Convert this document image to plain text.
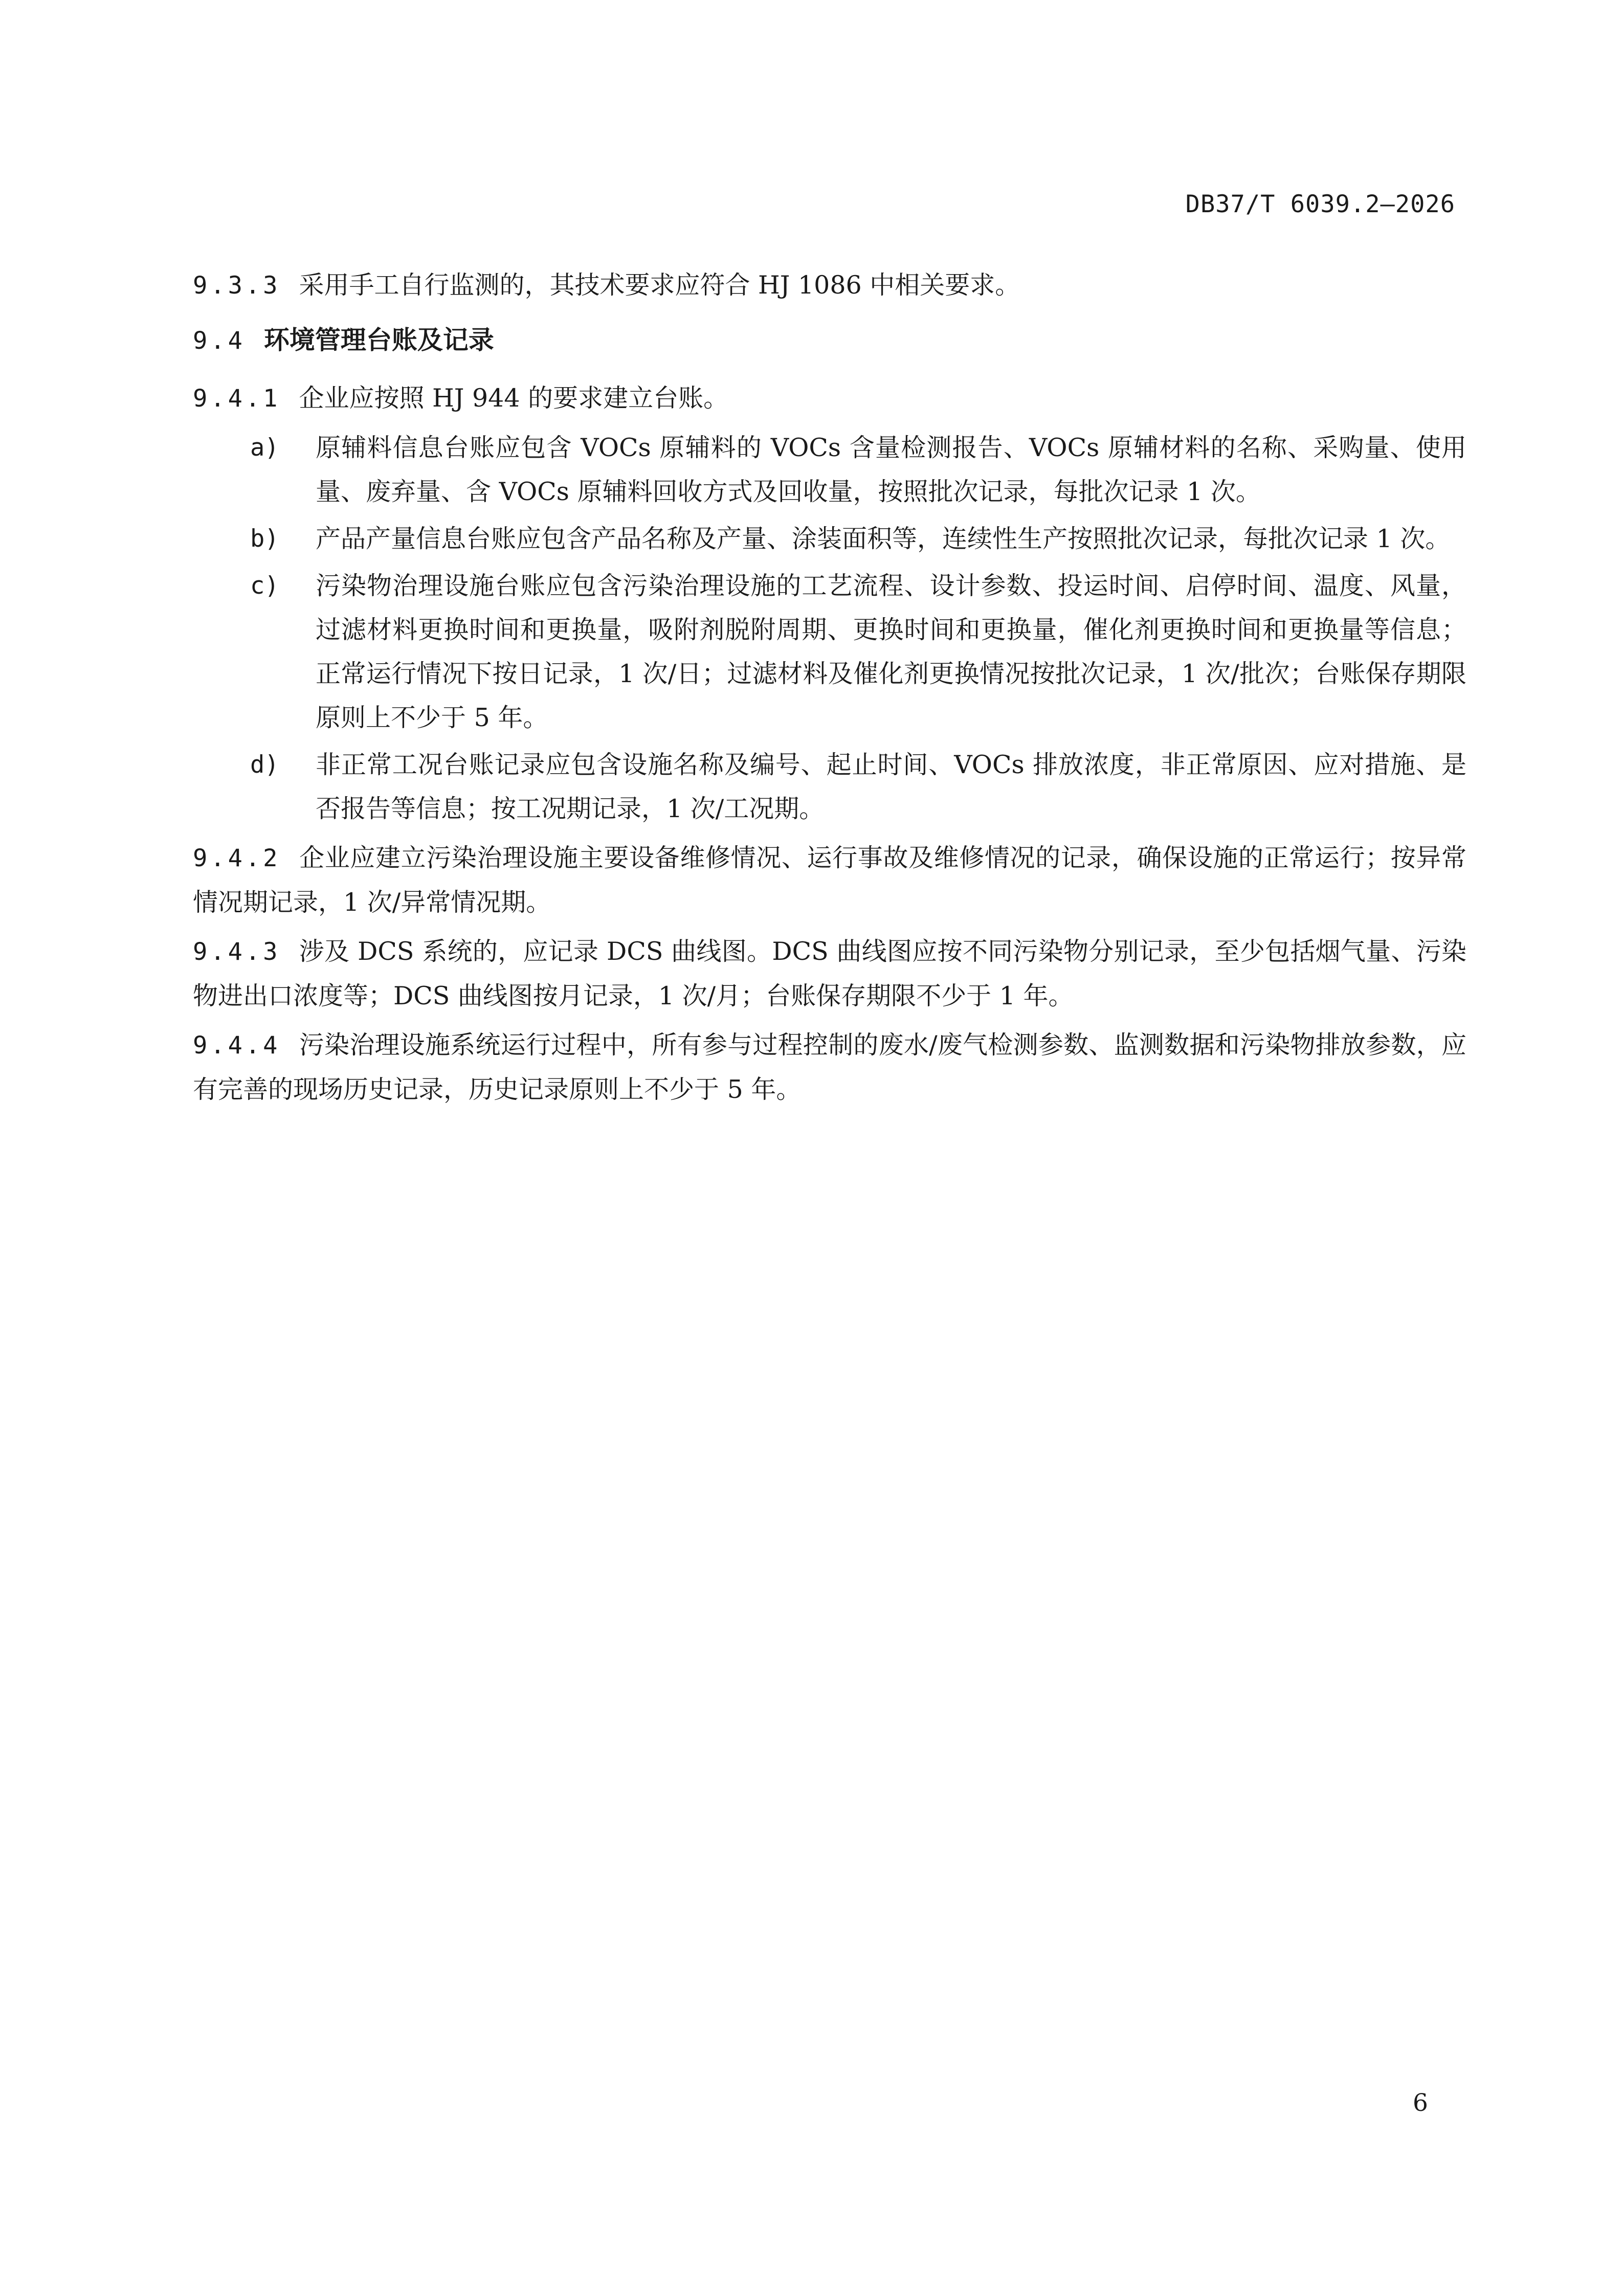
DB37/T 6039.2—2026

9.3.3 采用手工自行监测的，其技术要求应符合 HJ 1086 中相关要求。

9.4 环境管理台账及记录

9.4.1 企业应按照 HJ 944 的要求建立台账。

a)	原辅料信息台账应包含 VOCs 原辅料的 VOCs 含量检测报告、VOCs 原辅材料的名称、采购量、使用量、废弃量、含 VOCs 原辅料回收方式及回收量，按照批次记录，每批次记录 1 次。
b)	产品产量信息台账应包含产品名称及产量、涂装面积等，连续性生产按照批次记录，每批次记录 1 次。
c)	污染物治理设施台账应包含污染治理设施的工艺流程、设计参数、投运时间、启停时间、温度、风量，过滤材料更换时间和更换量，吸附剂脱附周期、更换时间和更换量，催化剂更换时间和更换量等信息；正常运行情况下按日记录，1 次/日；过滤材料及催化剂更换情况按批次记录，1 次/批次；台账保存期限原则上不少于 5 年。
d)	非正常工况台账记录应包含设施名称及编号、起止时间、VOCs 排放浓度，非正常原因、应对措施、是否报告等信息；按工况期记录，1 次/工况期。

9.4.2 企业应建立污染治理设施主要设备维修情况、运行事故及维修情况的记录，确保设施的正常运行；按异常情况期记录，1 次/异常情况期。

9.4.3 涉及 DCS 系统的，应记录 DCS 曲线图。DCS 曲线图应按不同污染物分别记录，至少包括烟气量、污染物进出口浓度等；DCS 曲线图按月记录，1 次/月；台账保存期限不少于 1 年。

9.4.4 污染治理设施系统运行过程中，所有参与过程控制的废水/废气检测参数、监测数据和污染物排放参数，应有完善的现场历史记录，历史记录原则上不少于 5 年。

6
